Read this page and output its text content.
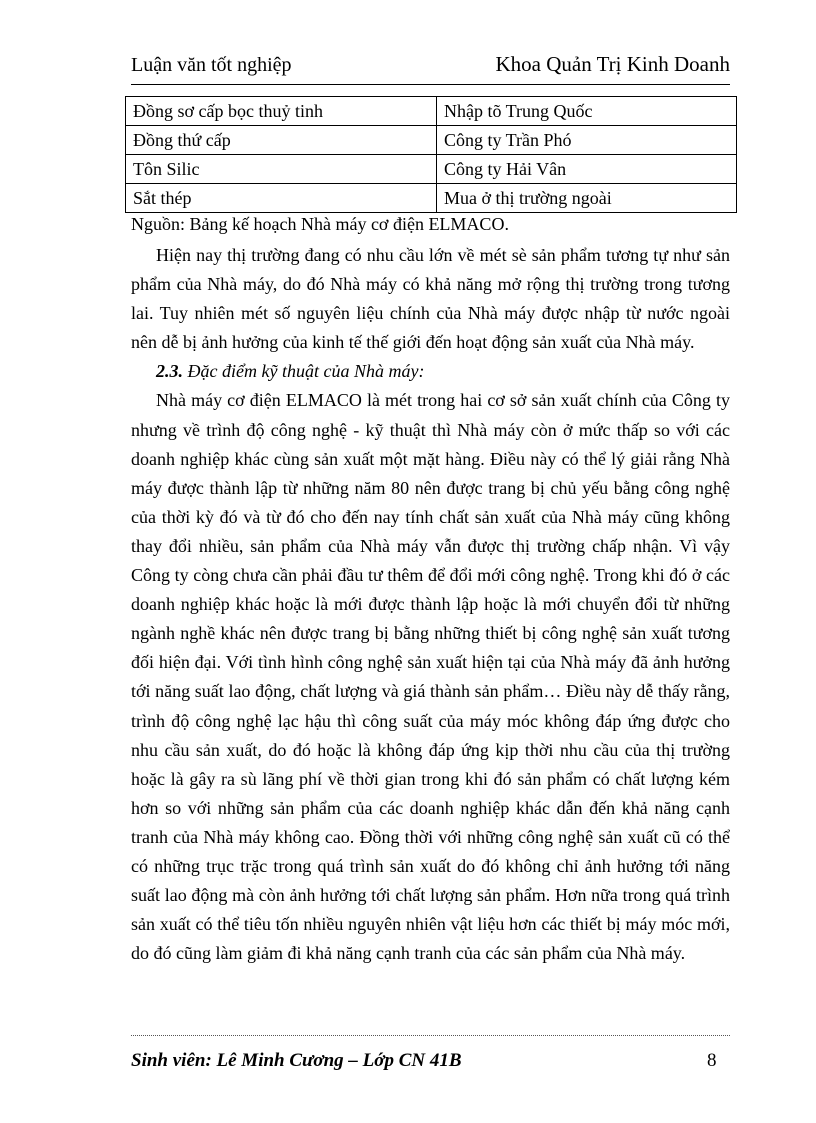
Luận văn tốt nghiệp	Khoa Quản Trị Kinh Doanh
Đồng sơ cấp bọc thuỷ tinh	Nhập tõ Trung Quốc
Đồng thứ cấp	Công ty Trần Phó
Tôn Silic	Công ty Hải Vân
Sắt thép	Mua ở thị trường ngoài
Nguồn: Bảng kế hoạch Nhà máy cơ điện ELMACO.

Hiện nay thị trường đang có nhu cầu lớn về mét sè sản phẩm tương tự như sản phẩm của Nhà máy, do đó Nhà máy có khả năng mở rộng thị trường trong tương lai. Tuy nhiên mét số nguyên liệu chính của Nhà máy được nhập từ nước ngoài nên dễ bị ảnh hưởng của kinh tế thế giới đến hoạt động sản xuất của Nhà máy.

2.3. Đặc điểm kỹ thuật của Nhà máy:

Nhà máy cơ điện ELMACO là mét trong hai cơ sở sản xuất chính của Công ty nhưng về trình độ công nghệ - kỹ thuật thì Nhà máy còn ở mức thấp so với các doanh nghiệp khác cùng sản xuất một mặt hàng. Điều này có thể lý giải rằng Nhà máy được thành lập từ những năm 80 nên được trang bị chủ yếu bằng công nghệ của thời kỳ đó và từ đó cho đến nay tính chất sản xuất của Nhà máy cũng không thay đổi nhiều, sản phẩm của Nhà máy vẫn được thị trường chấp nhận. Vì vậy Công ty còng chưa cần phải đầu tư thêm để đổi mới công nghệ. Trong khi đó ở các doanh nghiệp khác hoặc là mới được thành lập hoặc là mới chuyển đổi từ những ngành nghề khác nên được trang bị bằng những thiết bị công nghệ sản xuất tương đối hiện đại. Với tình hình công nghệ sản xuất hiện tại của Nhà máy đã ảnh hưởng tới năng suất lao động, chất lượng và giá thành sản phẩm… Điều này dễ thấy rằng, trình độ công nghệ lạc hậu thì công suất của máy móc không đáp ứng được cho nhu cầu sản xuất, do đó hoặc là không đáp ứng kịp thời nhu cầu của thị trường hoặc là gây ra sù lãng phí về thời gian trong khi đó sản phẩm có chất lượng kém hơn so với những sản phẩm của các doanh nghiệp khác dẫn đến khả năng cạnh tranh của Nhà máy không cao. Đồng thời với những công nghệ sản xuất cũ có thể có những trục trặc trong quá trình sản xuất do đó không chỉ ảnh hưởng tới năng suất lao động mà còn ảnh hưởng tới chất lượng sản phẩm. Hơn nữa trong quá trình sản xuất có thể tiêu tốn nhiều nguyên nhiên vật liệu hơn các thiết bị máy móc mới, do đó cũng làm giảm đi khả năng cạnh tranh của các sản phẩm của Nhà máy.

Sinh viên: Lê Minh Cương – Lớp CN 41B	8
